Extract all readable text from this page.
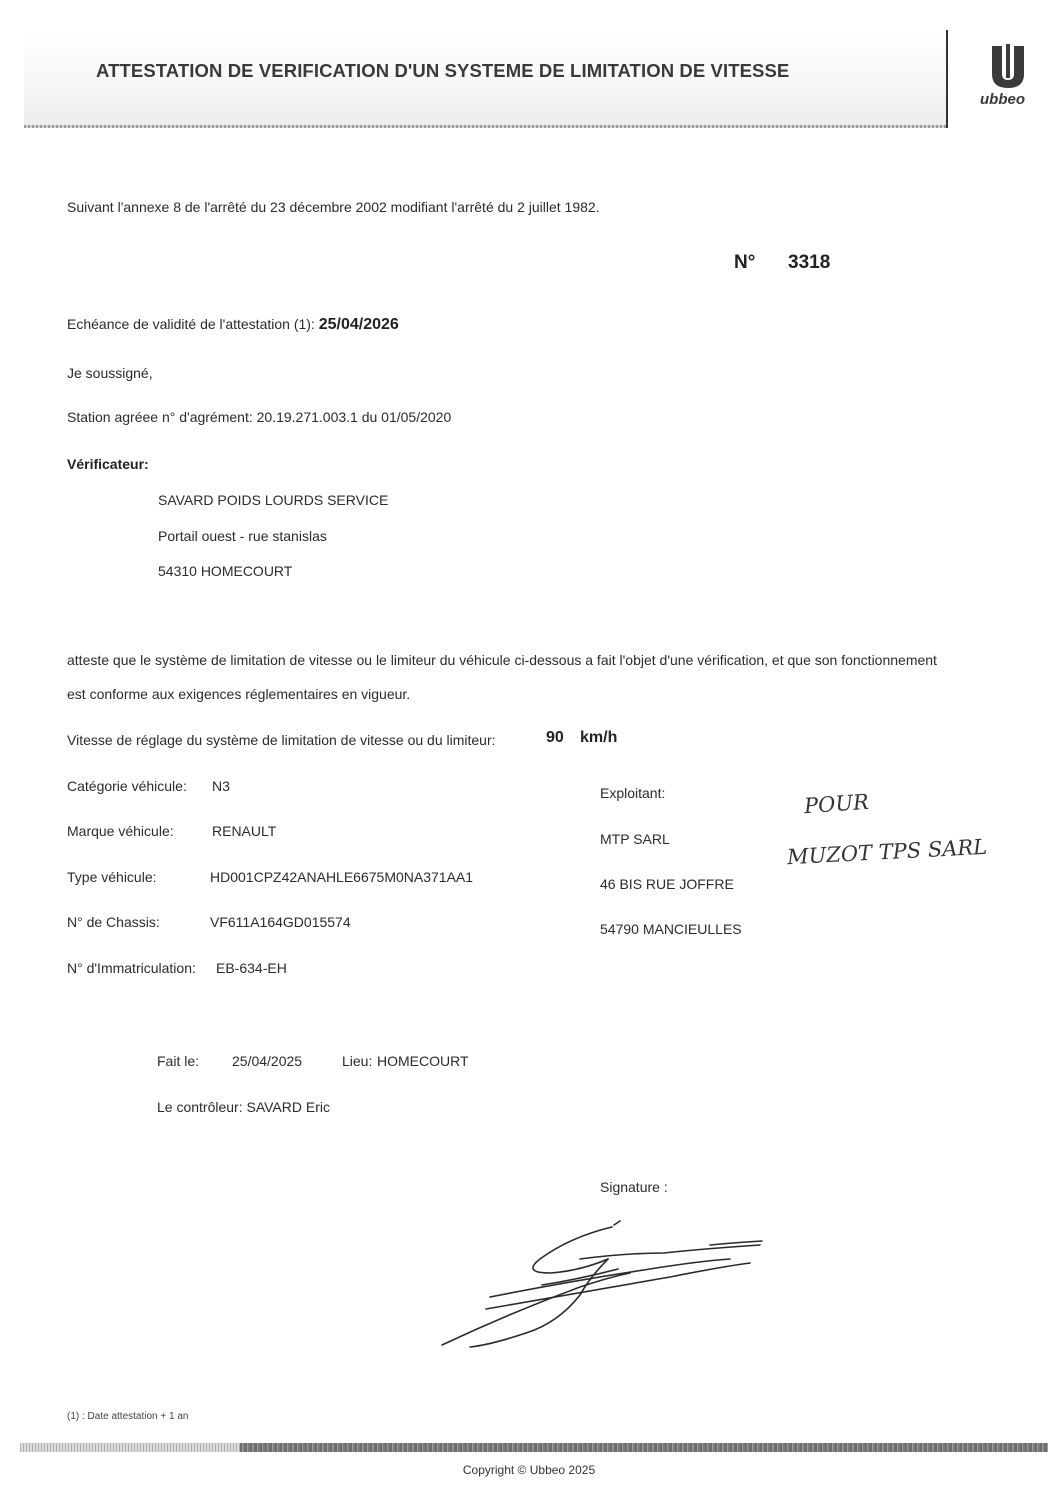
ATTESTATION DE VERIFICATION D'UN SYSTEME DE LIMITATION DE VITESSE
ubbeo
Suivant l'annexe 8 de l'arrêté du 23 décembre 2002 modifiant l'arrêté du 2 juillet 1982.
N° 3318
Echéance de validité de l'attestation (1): 25/04/2026
Je soussigné,
Station agréee n° d'agrément: 20.19.271.003.1 du 01/05/2020
Vérificateur:
SAVARD POIDS LOURDS SERVICE
Portail ouest - rue stanislas
54310 HOMECOURT
atteste que le système de limitation de vitesse ou le limiteur du véhicule ci-dessous a fait l'objet d'une vérification, et que son fonctionnement
est conforme aux exigences réglementaires en vigueur.
Vitesse de réglage du système de limitation de vitesse ou du limiteur:	90 km/h
Catégorie véhicule: N3
Marque véhicule:	RENAULT
Type véhicule:	HD001CPZ42ANAHLE6675M0NA371AA1
N° de Chassis:	VF611A164GD015574
N° d'Immatriculation: EB-634-EH
Exploitant:
MTP SARL
46 BIS RUE JOFFRE
54790 MANCIEULLES
POUR
MUZOT TPS SARL
Fait le: 25/04/2025	Lieu: HOMECOURT
Le contrôleur: SAVARD Eric
Signature :
(1) : Date attestation + 1 an
Copyright © Ubbeo 2025
